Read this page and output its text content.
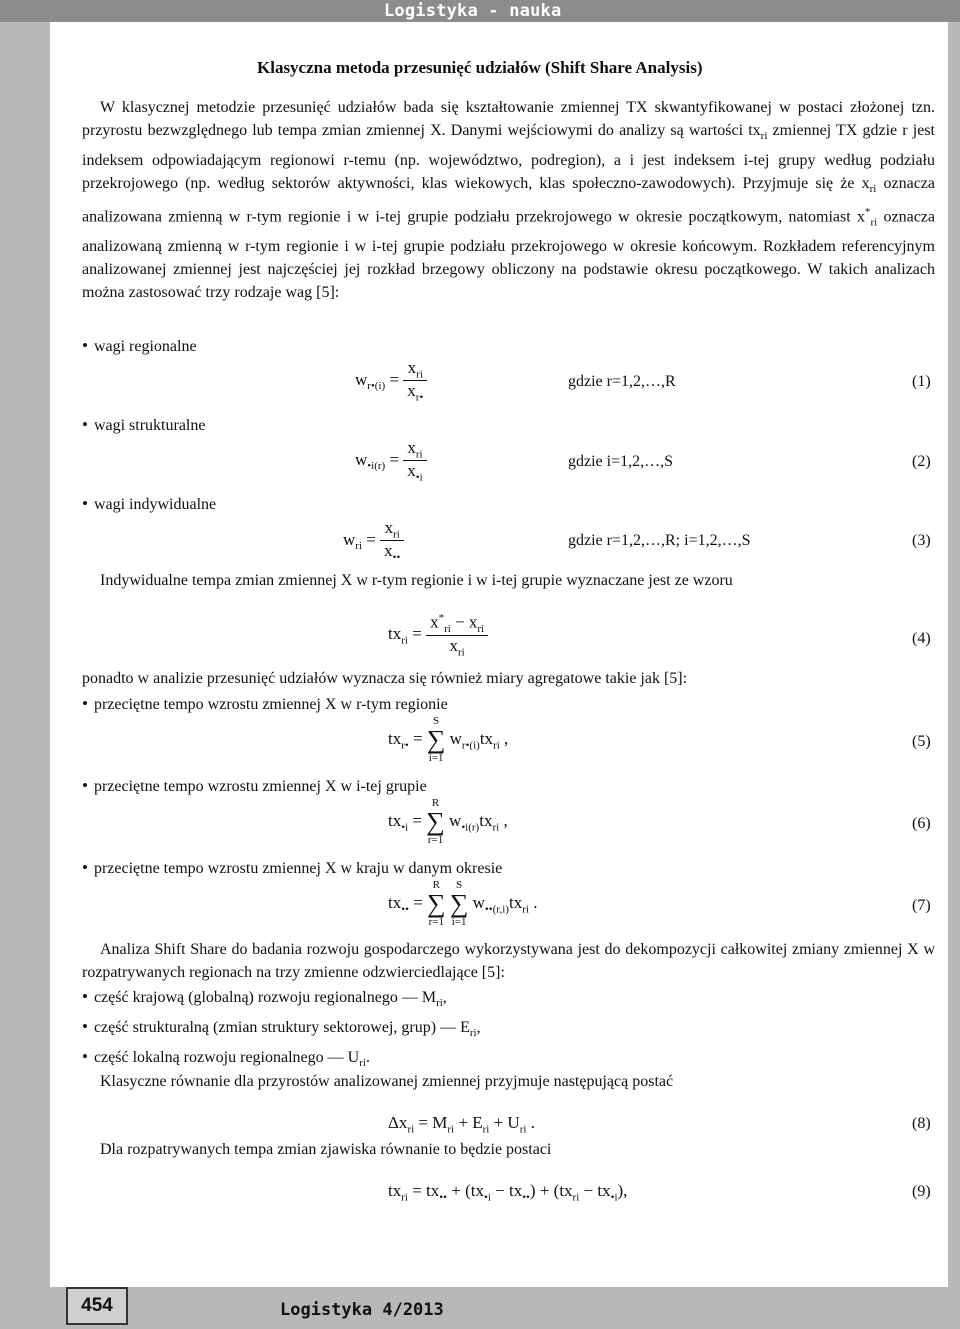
Logistyka - nauka
Klasyczna metoda przesunięć udziałów (Shift Share Analysis)

W klasycznej metodzie przesunięć udziałów bada się kształtowanie zmiennej TX skwantyfikowanej w postaci złożonej tzn. przyrostu bezwzględnego lub tempa zmian zmiennej X. Danymi wejściowymi do analizy są wartości $tx_{ri}$ zmiennej TX gdzie r jest indeksem odpowiadającym regionowi r-temu (np. województwo, podregion), a i jest indeksem i-tej grupy według podziału przekrojowego (np. według sektorów aktywności, klas wiekowych, klas społeczno-zawodowych). Przyjmuje się że $x_{ri}$ oznacza analizowana zmienną w r-tym regionie i w i-tej grupie podziału przekrojowego w okresie początkowym, natomiast $x^*_{ri}$ oznacza analizowaną zmienną w r-tym regionie i w i-tej grupie podziału przekrojowego w okresie końcowym. Rozkładem referencyjnym analizowanej zmiennej jest najczęściej jej rozkład brzegowy obliczony na podstawie okresu początkowego. W takich analizach można zastosować trzy rodzaje wag [5]:

• wagi regionalne
• wagi strukturalne
• wagi indywidualne
$w_{r•(i)} = \frac{x_{ri}}{x_{r•}}$	gdzie r=1,2,…,R	(1)
$w_{•i(r)} = \frac{x_{ri}}{x_{•i}}$	gdzie i=1,2,…,S	(2)
$w_{ri} = \frac{x_{ri}}{x_{••}}$	gdzie r=1,2,…,R; i=1,2,…,S	(3)
Indywidualne tempa zmian zmiennej X w r-tym regionie i w i-tej grupie wyznaczane jest ze wzoru
$tx_{ri} = \frac{x^*_{ri} - x_{ri}}{x_{ri}}$	(4)
ponadto w analizie przesunięć udziałów wyznacza się również miary agregatowe takie jak [5]:
• przeciętne tempo wzrostu zmiennej X w r-tym regionie
$tx_{r•} = S$
∑
i=1 $w_{r•(i)}tx_{ri}$ ,	(5)
• przeciętne tempo wzrostu zmiennej X w i-tej grupie
$tx_{•i} = R$
∑
r=1 $w_{•i(r)}tx_{ri}$ ,	(6)
• przeciętne tempo wzrostu zmiennej X w kraju w danym okresie
$tx_{••} = R$
∑
r=1 S
∑
i=1 $w_{••(r,i)}tx_{ri}$ .	(7)

Analiza Shift Share do badania rozwoju gospodarczego wykorzystywana jest do dekompozycji całkowitej zmiany zmiennej X w rozpatrywanych regionach na trzy zmienne odzwierciedlające [5]:

• część krajową (globalną) rozwoju regionalnego — $M_{ri}$,
• część strukturalną (zmian struktury sektorowej, grup) — $E_{ri}$,
• część lokalną rozwoju regionalnego — $U_{ri}$.
Klasyczne równanie dla przyrostów analizowanej zmiennej przyjmuje następującą postać
$\Delta x_{ri} = M_{ri} + E_{ri} + U_{ri}$ .	(8)
Dla rozpatrywanych tempa zmian zjawiska równanie to będzie postaci
$tx_{ri} = tx_{••} + (tx_{•i} - tx_{••}) + (tx_{ri} - tx_{•i})$,	(9)
454	Logistyka 4/2013
